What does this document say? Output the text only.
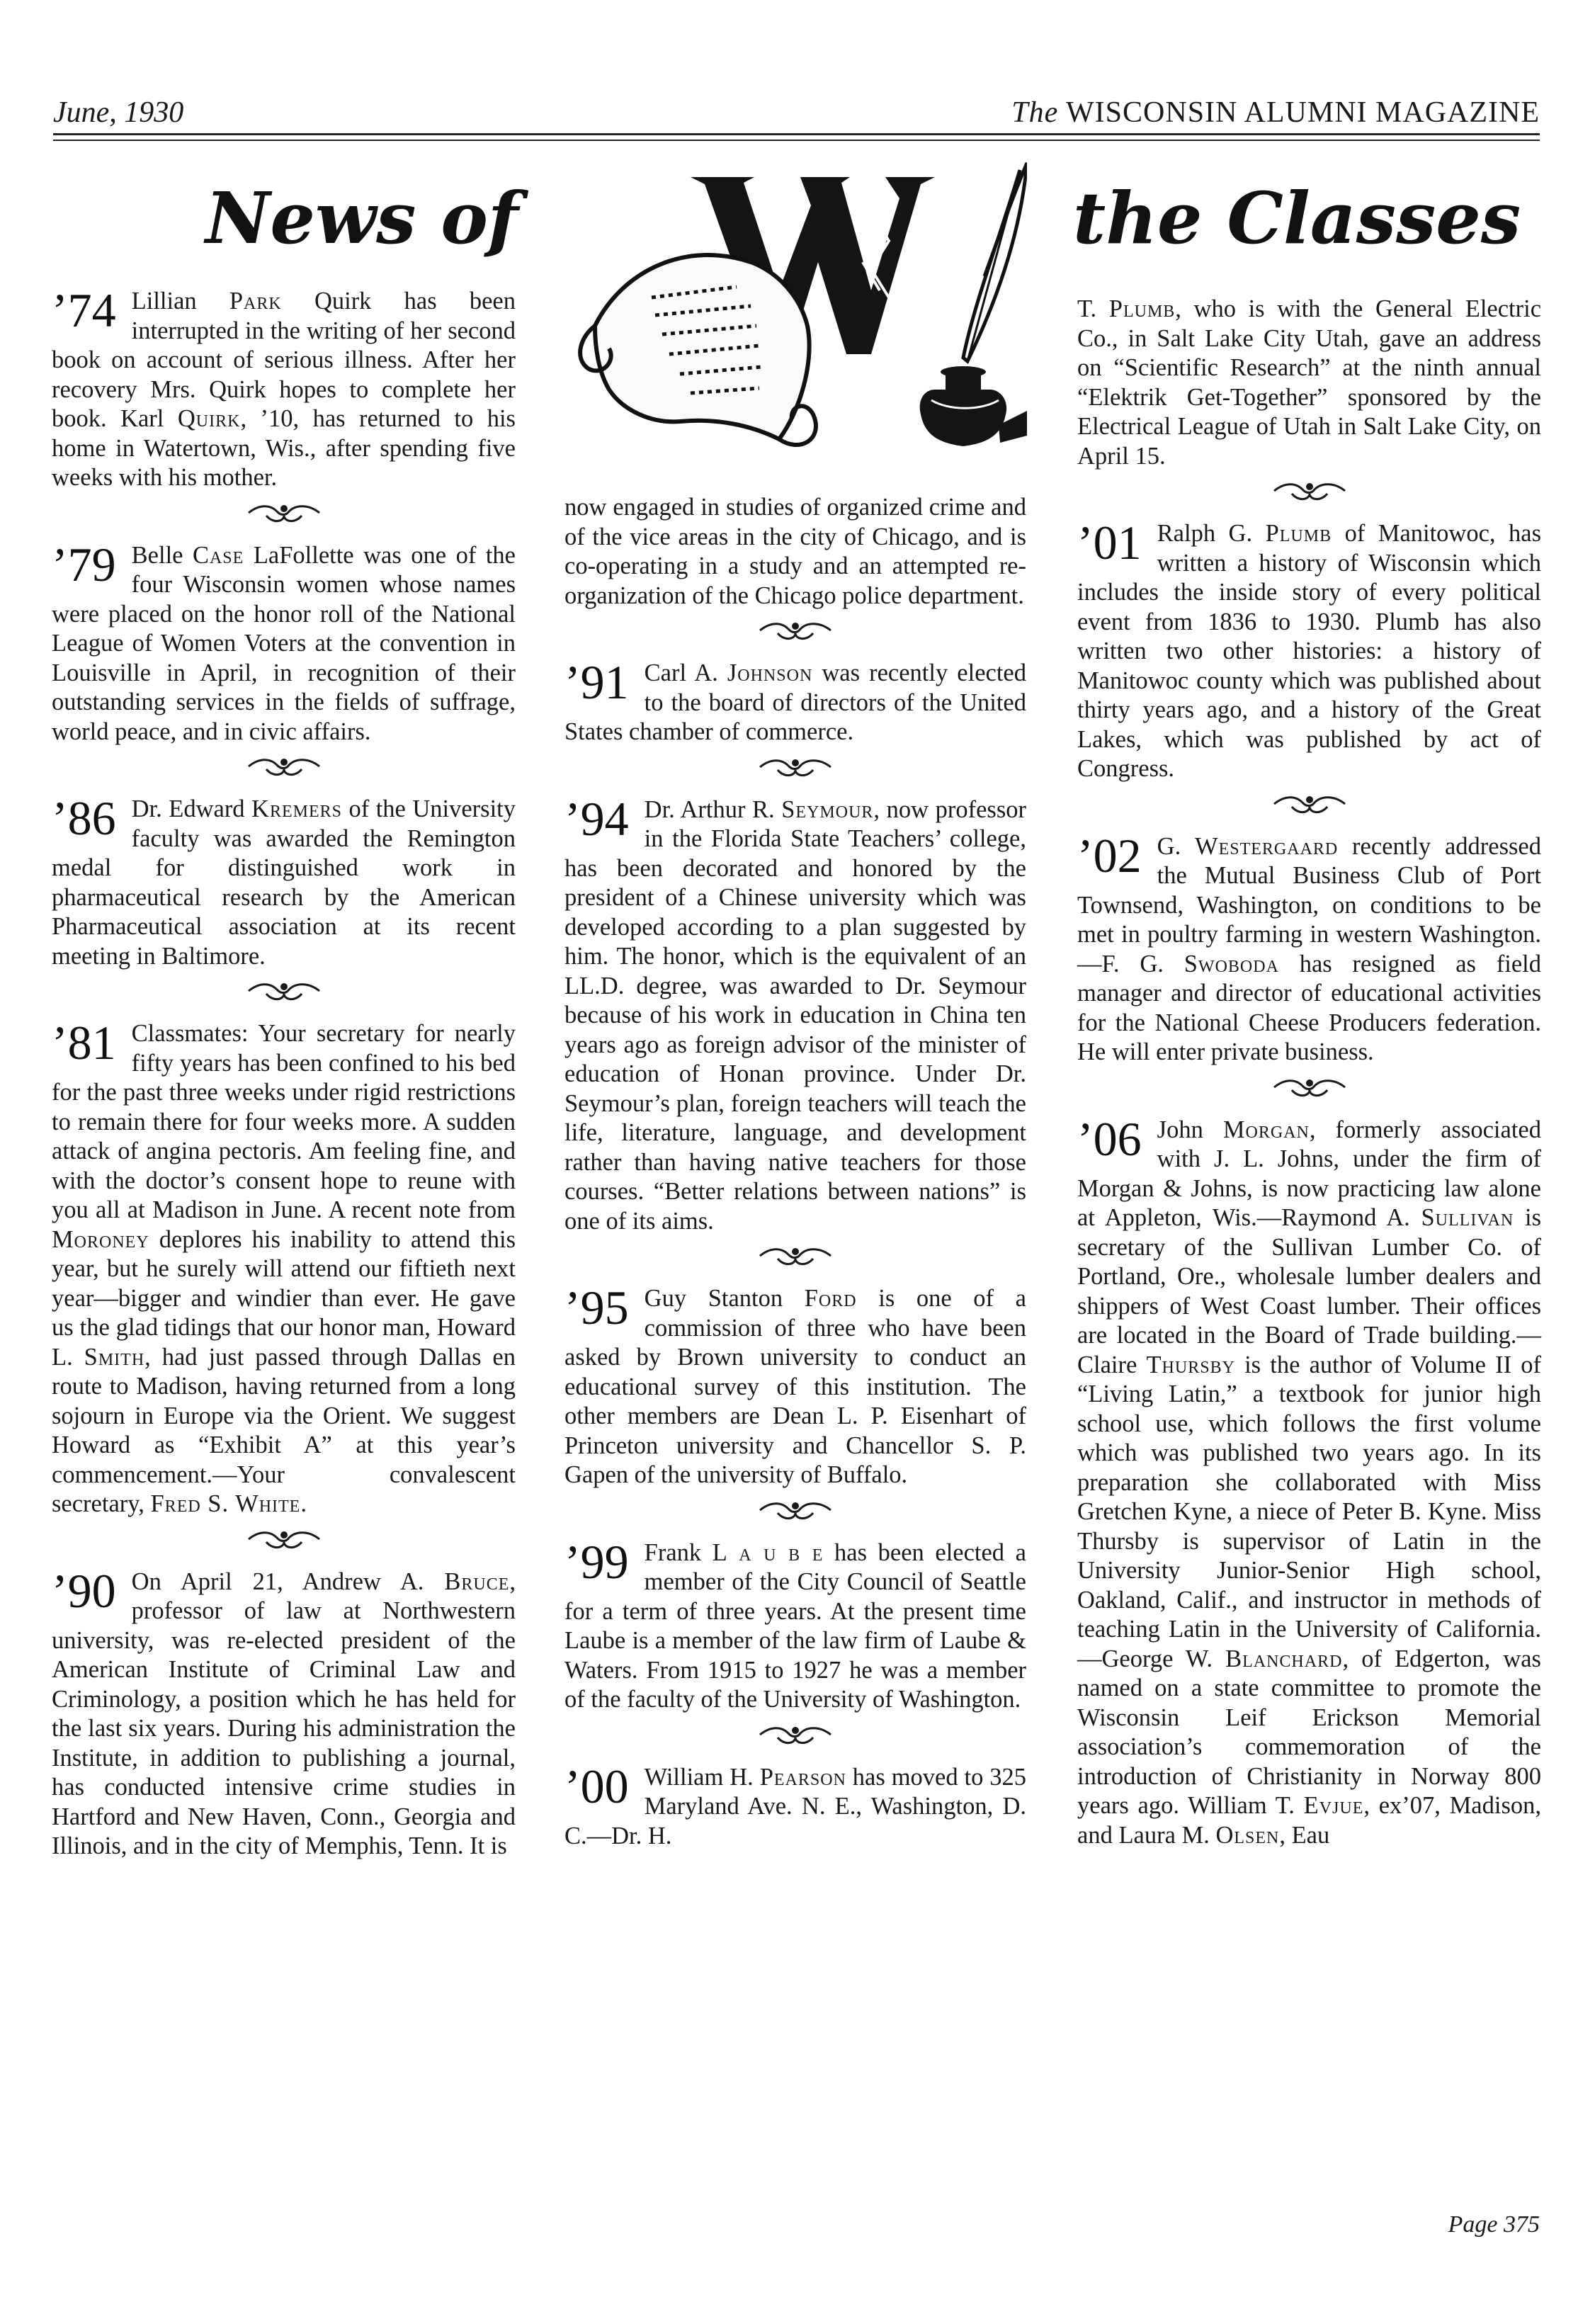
June, 1930	The WISCONSIN ALUMNI MAGAZINE
News of	the Classes
’74 Lillian Park Quirk has been interrupted in the writing of her second book on account of serious illness. After her recovery Mrs. Quirk hopes to complete her book. Karl Quirk, ’10, has returned to his home in Watertown, Wis., after spending five weeks with his mother.
’79 Belle Case LaFollette was one of the four Wisconsin women whose names were placed on the honor roll of the National League of Women Voters at the convention in Louisville in April, in recognition of their outstanding services in the fields of suffrage, world peace, and in civic affairs.
’86 Dr. Edward Kremers of the University faculty was awarded the Remington medal for distinguished work in pharmaceutical research by the American Pharmaceutical association at its recent meeting in Baltimore.
’81 Classmates: Your secretary for nearly fifty years has been confined to his bed for the past three weeks under rigid restrictions to remain there for four weeks more. A sudden attack of angina pectoris. Am feeling fine, and with the doctor’s consent hope to reune with you all at Madison in June. A recent note from Moroney deplores his inability to attend this year, but he surely will attend our fiftieth next year—bigger and windier than ever. He gave us the glad tidings that our honor man, Howard L. Smith, had just passed through Dallas en route to Madison, having returned from a long sojourn in Europe via the Orient. We suggest Howard as “Exhibit A” at this year’s commencement.—Your convalescent secretary, Fred S. White.
’90 On April 21, Andrew A. Bruce, professor of law at Northwestern university, was re-elected president of the American Institute of Criminal Law and Criminology, a position which he has held for the last six years. During his administration the Institute, in addition to publishing a journal, has conducted intensive crime studies in Hartford and New Haven, Conn., Georgia and Illinois, and in the city of Memphis, Tenn. It is
now engaged in studies of organized crime and of the vice areas in the city of Chicago, and is co-operating in a study and an attempted re-organization of the Chicago police department.
’91 Carl A. Johnson was recently elected to the board of directors of the United States chamber of commerce.
’94 Dr. Arthur R. Seymour, now professor in the Florida State Teachers’ college, has been decorated and honored by the president of a Chinese university which was developed according to a plan suggested by him. The honor, which is the equivalent of an LL.D. degree, was awarded to Dr. Seymour because of his work in education in China ten years ago as foreign advisor of the minister of education of Honan province. Under Dr. Seymour’s plan, foreign teachers will teach the life, literature, language, and development rather than having native teachers for those courses. “Better relations between nations” is one of its aims.
’95 Guy Stanton Ford is one of a commission of three who have been asked by Brown university to conduct an educational survey of this institution. The other members are Dean L. P. Eisenhart of Princeton university and Chancellor S. P. Gapen of the university of Buffalo.
’99 Frank L a u b e has been elected a member of the City Council of Seattle for a term of three years. At the present time Laube is a member of the law firm of Laube & Waters. From 1915 to 1927 he was a member of the faculty of the University of Washington.
’00 William H. Pearson has moved to 325 Maryland Ave. N. E., Washington, D. C.—Dr. H.
T. Plumb, who is with the General Electric Co., in Salt Lake City Utah, gave an address on “Scientific Research” at the ninth annual “Elektrik Get-Together” sponsored by the Electrical League of Utah in Salt Lake City, on April 15.
’01 Ralph G. Plumb of Manitowoc, has written a history of Wisconsin which includes the inside story of every political event from 1836 to 1930. Plumb has also written two other histories: a history of Manitowoc county which was published about thirty years ago, and a history of the Great Lakes, which was published by act of Congress.
’02 G. Westergaard recently addressed the Mutual Business Club of Port Townsend, Washington, on conditions to be met in poultry farming in western Washington.—F. G. Swoboda has resigned as field manager and director of educational activities for the National Cheese Producers federation. He will enter private business.
’06 John Morgan, formerly associated with J. L. Johns, under the firm of Morgan & Johns, is now practicing law alone at Appleton, Wis.—Raymond A. Sullivan is secretary of the Sullivan Lumber Co. of Portland, Ore., wholesale lumber dealers and shippers of West Coast lumber. Their offices are located in the Board of Trade building.—Claire Thursby is the author of Volume II of “Living Latin,” a textbook for junior high school use, which follows the first volume which was published two years ago. In its preparation she collaborated with Miss Gretchen Kyne, a niece of Peter B. Kyne. Miss Thursby is supervisor of Latin in the University Junior-Senior High school, Oakland, Calif., and instructor in methods of teaching Latin in the University of California.—George W. Blanchard, of Edgerton, was named on a state committee to promote the Wisconsin Leif Erickson Memorial association’s commemoration of the introduction of Christianity in Norway 800 years ago. William T. Evjue, ex’07, Madison, and Laura M. Olsen, Eau
Page 375
